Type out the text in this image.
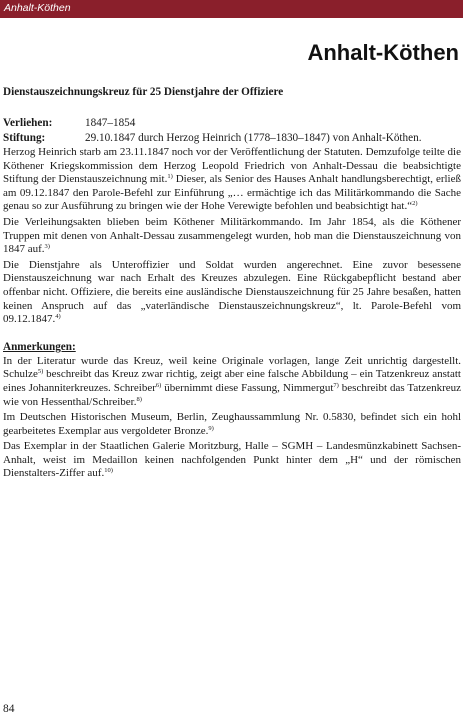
Anhalt-Köthen
Anhalt-Köthen
Dienstauszeichnungskreuz für 25 Dienstjahre der Offiziere
Verliehen:	1847–1854
Stiftung:	29.10.1847 durch Herzog Heinrich (1778–1830–1847) von Anhalt-Köthen.

Herzog Heinrich starb am 23.11.1847 noch vor der Veröffentlichung der Statuten. Demzufolge teilte die Köthener Kriegskommission dem Herzog Leopold Friedrich von Anhalt-Dessau die beabsichtigte Stiftung der Dienstauszeichnung mit.$^{1)}$ Dieser, als Senior des Hauses Anhalt handlungsberechtigt, erließ am 09.12.1847 den Parole-Befehl zur Einführung „… ermächtige ich das Militärkommando die Sache genau so zur Ausführung zu bringen wie der Hohe Verewigte befohlen und beabsichtigt hat.“$^{2)}$

Die Verleihungsakten blieben beim Köthener Militärkommando. Im Jahr 1854, als die Köthener Truppen mit denen von Anhalt-Dessau zusammengelegt wurden, hob man die Dienstauszeichnung von 1847 auf.$^{3)}$

Die Dienstjahre als Unteroffizier und Soldat wurden angerechnet. Eine zuvor besessene Dienstauszeichnung war nach Erhalt des Kreuzes abzulegen. Eine Rückgabepflicht bestand aber offenbar nicht. Offiziere, die bereits eine ausländische Dienstauszeichnung für 25 Jahre besaßen, hatten keinen Anspruch auf das „vaterländische Dienstauszeichnungskreuz“, lt. Parole-Befehl vom 09.12.1847.$^{4)}$

Anmerkungen:

In der Literatur wurde das Kreuz, weil keine Originale vorlagen, lange Zeit unrichtig dargestellt. Schulze$^{5)}$ beschreibt das Kreuz zwar richtig, zeigt aber eine falsche Abbildung – ein Tatzenkreuz anstatt eines Johanniterkreuzes. Schreiber$^{6)}$ übernimmt diese Fassung, Nimmergut$^{7)}$ beschreibt das Tatzenkreuz wie von Hessenthal/Schreiber.$^{8)}$

Im Deutschen Historischen Museum, Berlin, Zeughaussammlung Nr. 0.5830, befindet sich ein hohl gearbeitetes Exemplar aus vergoldeter Bronze.$^{9)}$

Das Exemplar in der Staatlichen Galerie Moritzburg, Halle – SGMH – Landesmünzkabinett Sachsen-Anhalt, weist im Medaillon keinen nachfolgenden Punkt hinter dem „H“ und der römischen Dienstalters-Ziffer auf.$^{10)}$

84
